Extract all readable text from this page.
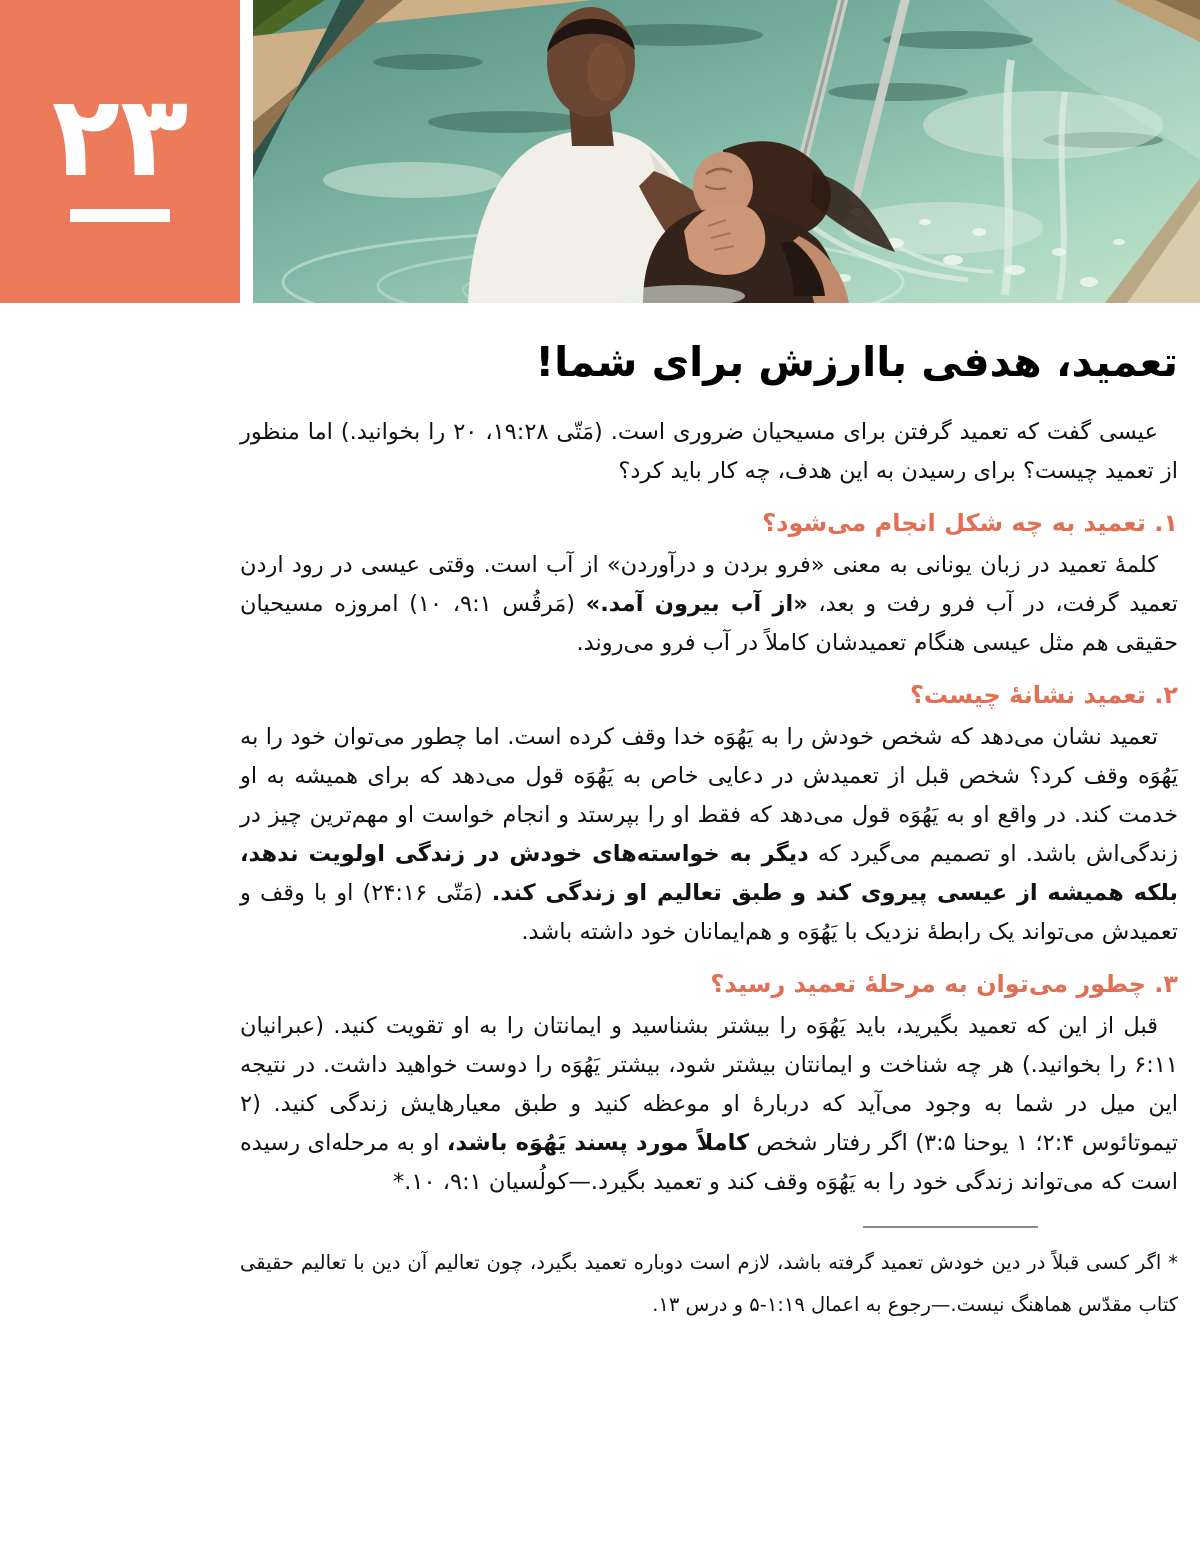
۲۳
تعمید، هدفی باارزش برای شما!

عیسی گفت که تعمید گرفتن برای مسیحیان ضروری است. (مَتّی ۱۹:۲۸، ۲۰ را بخوانید.) اما منظور از تعمید چیست؟ برای رسیدن به این هدف، چه کار باید کرد؟

۱. تعمید به چه شکل انجام می‌شود؟

کلمهٔ تعمید در زبان یونانی به معنی «فرو بردن و درآوردن» از آب است. وقتی عیسی در رود اردن تعمید گرفت، در آب فرو رفت و بعد، «از آب بیرون آمد.» (مَرقُس ۹:۱، ۱۰) امروزه مسیحیان حقیقی هم مثل عیسی هنگام تعمیدشان کاملاً در آب فرو می‌روند.

۲. تعمید نشانهٔ چیست؟

تعمید نشان می‌دهد که شخص خودش را به یَهُوَه خدا وقف کرده است. اما چطور می‌توان خود را به یَهُوَه وقف کرد؟ شخص قبل از تعمیدش در دعایی خاص به یَهُوَه قول می‌دهد که برای همیشه به او خدمت کند. در واقع او به یَهُوَه قول می‌دهد که فقط او را بپرستد و انجام خواست او مهم‌ترین چیز در زندگی‌اش باشد. او تصمیم می‌گیرد که دیگر به خواسته‌های خودش در زندگی اولویت ندهد، بلکه همیشه از عیسی پیروی کند و طبق تعالیم او زندگی کند. (مَتّی ۲۴:۱۶) او با وقف و تعمیدش می‌تواند یک رابطهٔ نزدیک با یَهُوَه و هم‌ایمانان خود داشته باشد.

۳. چطور می‌توان به مرحلهٔ تعمید رسید؟

قبل از این که تعمید بگیرید، باید یَهُوَه را بیشتر بشناسید و ایمانتان را به او تقویت کنید. (عبرانیان ۶:۱۱ را بخوانید.) هر چه شناخت و ایمانتان بیشتر شود، بیشتر یَهُوَه را دوست خواهید داشت. در نتیجه این میل در شما به وجود می‌آید که دربارهٔ او موعظه کنید و طبق معیارهایش زندگی کنید. (۲ تیموتائوس ۲:۴؛ ۱ یوحنا ۳:۵) اگر رفتار شخص کاملاً مورد پسند یَهُوَه باشد، او به مرحله‌ای رسیده است که می‌تواند زندگی خود را به یَهُوَه وقف کند و تعمید بگیرد.—کولُسیان ۹:۱، ۱۰.*

* اگر کسی قبلاً در دین خودش تعمید گرفته باشد، لازم است دوباره تعمید بگیرد، چون تعالیم آن دین با تعالیم حقیقی کتاب مقدّس هماهنگ نیست.—رجوع به اعمال ۱:۱۹-۵ و درس ۱۳.
